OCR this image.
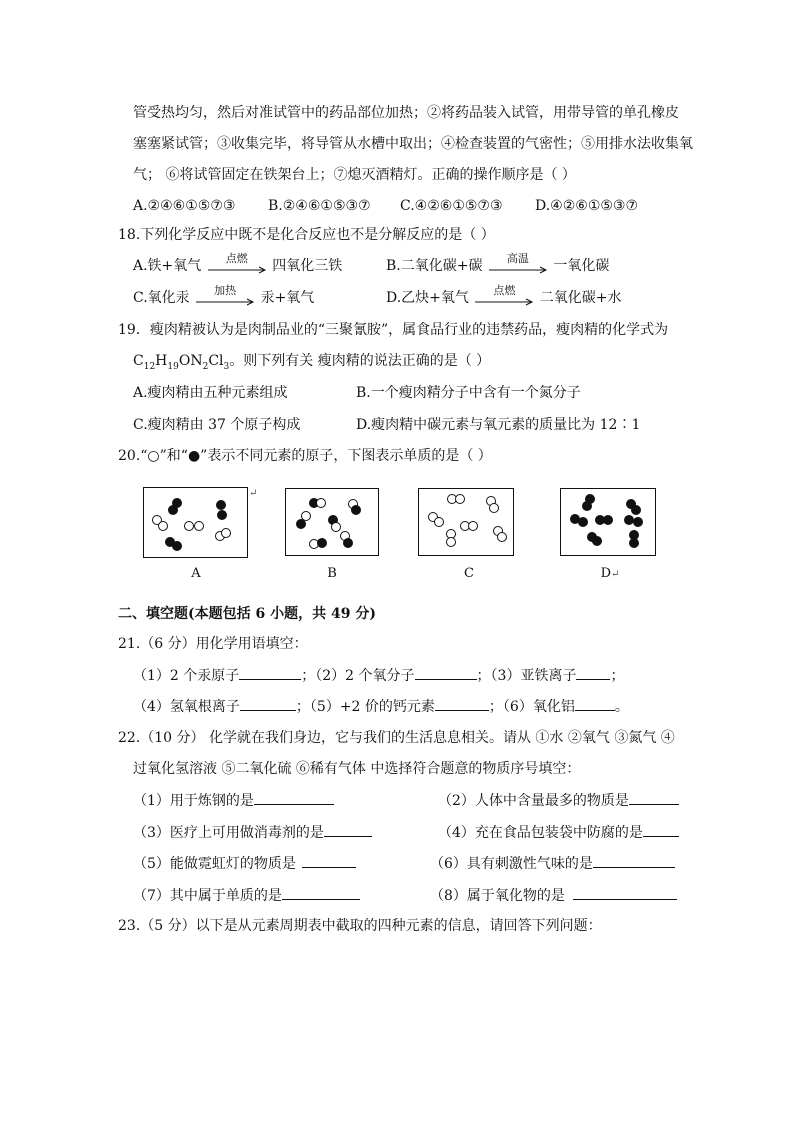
管受热均匀，然后对准试管中的药品部位加热；②将药品装入试管，用带导管的单孔橡皮
塞塞紧试管；③收集完毕，将导管从水槽中取出；④检查装置的气密性；⑤用排水法收集氧
气； ⑥将试管固定在铁架台上；⑦熄灭酒精灯。正确的操作顺序是（ ）
A.②④⑥①⑤⑦③ B.②④⑥①⑤③⑦ C.④②⑥①⑤⑦③ D.④②⑥①⑤③⑦
18.下列化学反应中既不是化合反应也不是分解反应的是（ ）
A.铁+氧气	点燃	四氧化三铁	B.二氧化碳+碳	高温	一氧化碳
C.氧化汞	加热	汞+氧气	D.乙炔+氧气	点燃	二氧化碳+水
19．瘦肉精被认为是肉制品业的“三聚氰胺”，属食品行业的违禁药品，瘦肉精的化学式为
$C_{12}H_{19}ON_2Cl_3$。则下列有关 瘦肉精的说法正确的是（ ）
A.瘦肉精由五种元素组成	B.一个瘦肉精分子中含有一个氮分子
C.瘦肉精由 37 个原子构成	D.瘦肉精中碳元素与氧元素的质量比为 12∶1
20.“○”和“●”表示不同元素的原子，下图表示单质的是（ ）
↵
A	B	C	D↵
二、填空题(本题包括 6 小题，共 49 分)
21.（6 分）用化学用语填空：
（1）2 个汞原子	；（2）2 个氧分子	；（3）亚铁离子 ；
（4）氢氧根离子	；（5）+2 价的钙元素	；（6）氧化铝	。
22.（10 分） 化学就在我们身边，它与我们的生活息息相关。请从 ①水 ②氧气 ③氮气 ④
过氧化氢溶液 ⑤二氧化硫 ⑥稀有气体 中选择符合题意的物质序号填空：
（1）用于炼钢的是	（2）人体中含量最多的物质是
（3）医疗上可用做消毒剂的是	（4）充在食品包装袋中防腐的是
（5）能做霓虹灯的物质是	（6）具有刺激性气味的是
（7）其中属于单质的是	（8）属于氧化物的是
23.（5 分）以下是从元素周期表中截取的四种元素的信息，请回答下列问题：
